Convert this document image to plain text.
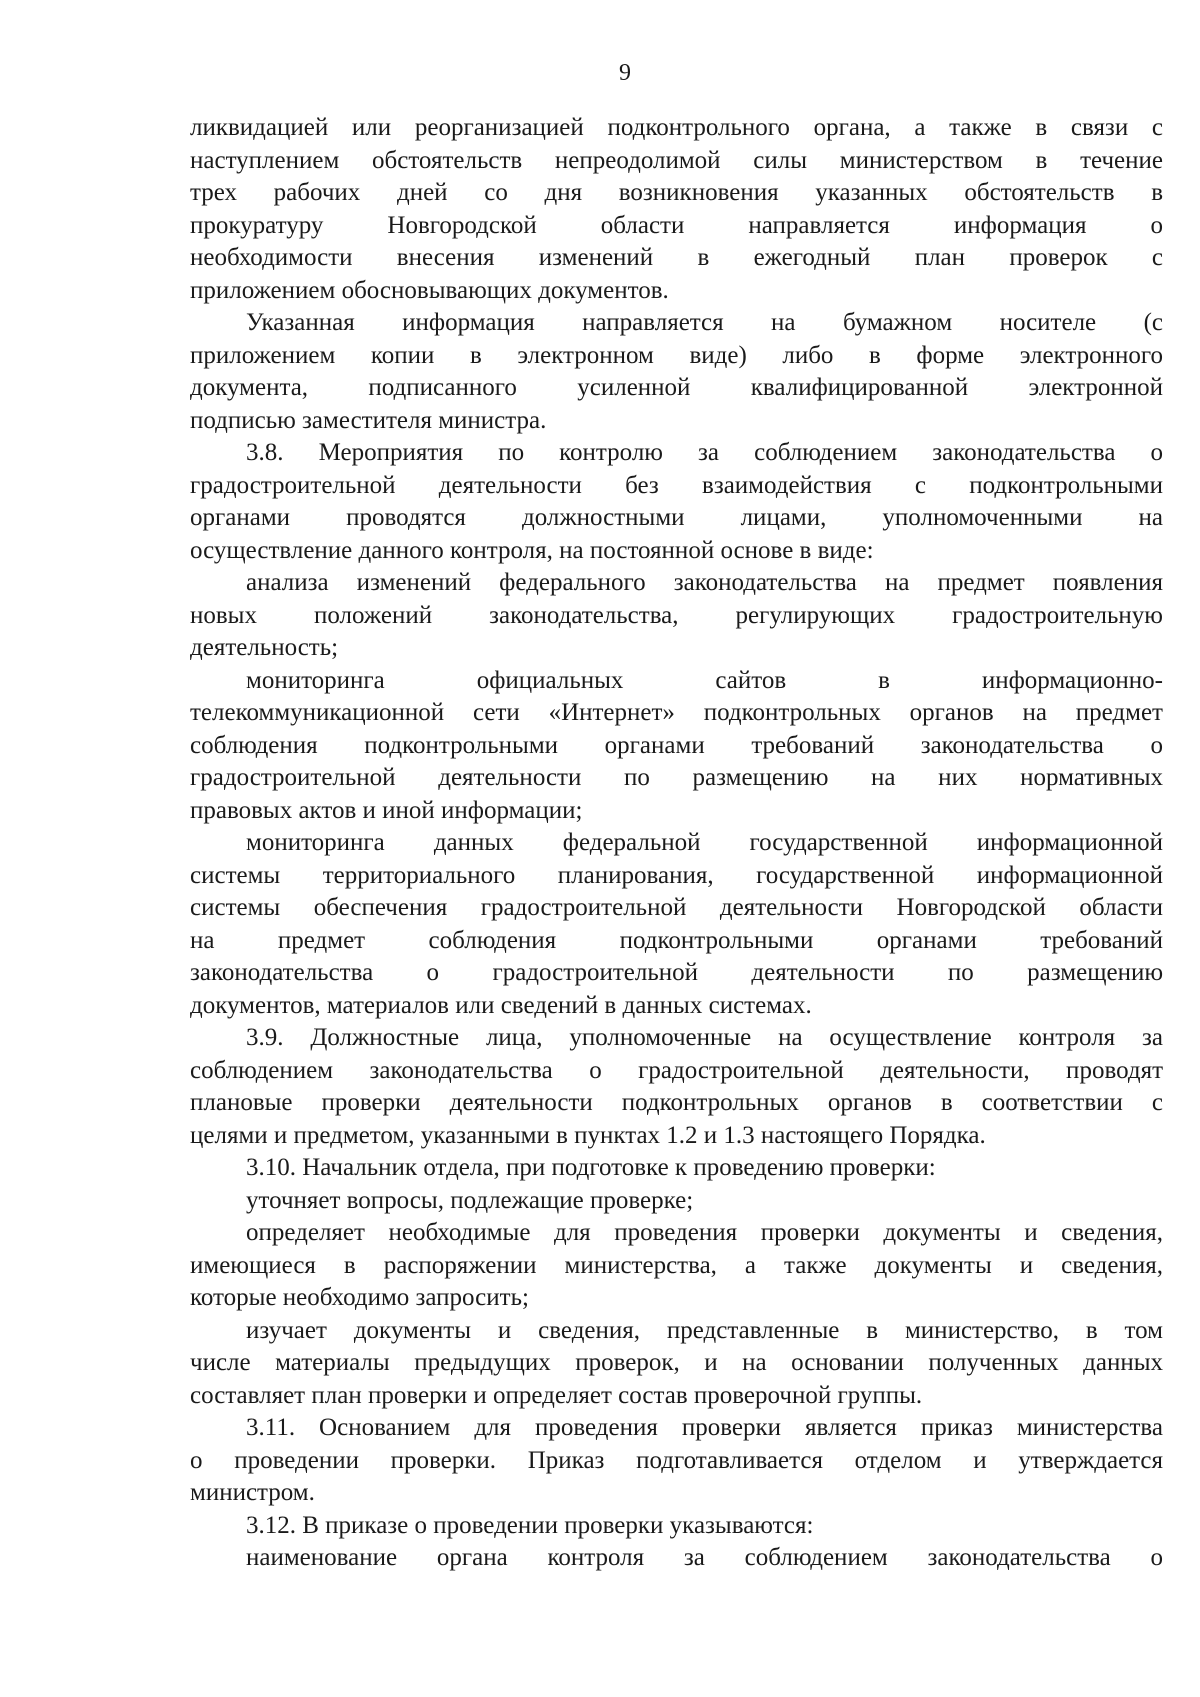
9
ликвидацией или реорганизацией подконтрольного органа, а также в связи с
наступлением обстоятельств непреодолимой силы министерством в течение
трех рабочих дней со дня возникновения указанных обстоятельств в
прокуратуру Новгородской области направляется информация о
необходимости внесения изменений в ежегодный план проверок с
приложением обосновывающих документов.
Указанная информация направляется на бумажном носителе (с
приложением копии в электронном виде) либо в форме электронного
документа, подписанного усиленной квалифицированной электронной
подписью заместителя министра.
3.8. Мероприятия по контролю за соблюдением законодательства о
градостроительной деятельности без взаимодействия с подконтрольными
органами проводятся должностными лицами, уполномоченными на
осуществление данного контроля, на постоянной основе в виде:
анализа изменений федерального законодательства на предмет появления
новых положений законодательства, регулирующих градостроительную
деятельность;
мониторинга официальных сайтов в информационно-
телекоммуникационной сети «Интернет» подконтрольных органов на предмет
соблюдения подконтрольными органами требований законодательства о
градостроительной деятельности по размещению на них нормативных
правовых актов и иной информации;
мониторинга данных федеральной государственной информационной
системы территориального планирования, государственной информационной
системы обеспечения градостроительной деятельности Новгородской области
на предмет соблюдения подконтрольными органами требований
законодательства о градостроительной деятельности по размещению
документов, материалов или сведений в данных системах.
3.9. Должностные лица, уполномоченные на осуществление контроля за
соблюдением законодательства о градостроительной деятельности, проводят
плановые проверки деятельности подконтрольных органов в соответствии с
целями и предметом, указанными в пунктах 1.2 и 1.3 настоящего Порядка.
3.10. Начальник отдела, при подготовке к проведению проверки:
уточняет вопросы, подлежащие проверке;
определяет необходимые для проведения проверки документы и сведения,
имеющиеся в распоряжении министерства, а также документы и сведения,
которые необходимо запросить;
изучает документы и сведения, представленные в министерство, в том
числе материалы предыдущих проверок, и на основании полученных данных
составляет план проверки и определяет состав проверочной группы.
3.11. Основанием для проведения проверки является приказ министерства
о проведении проверки. Приказ подготавливается отделом и утверждается
министром.
3.12. В приказе о проведении проверки указываются:
наименование органа контроля за соблюдением законодательства о
